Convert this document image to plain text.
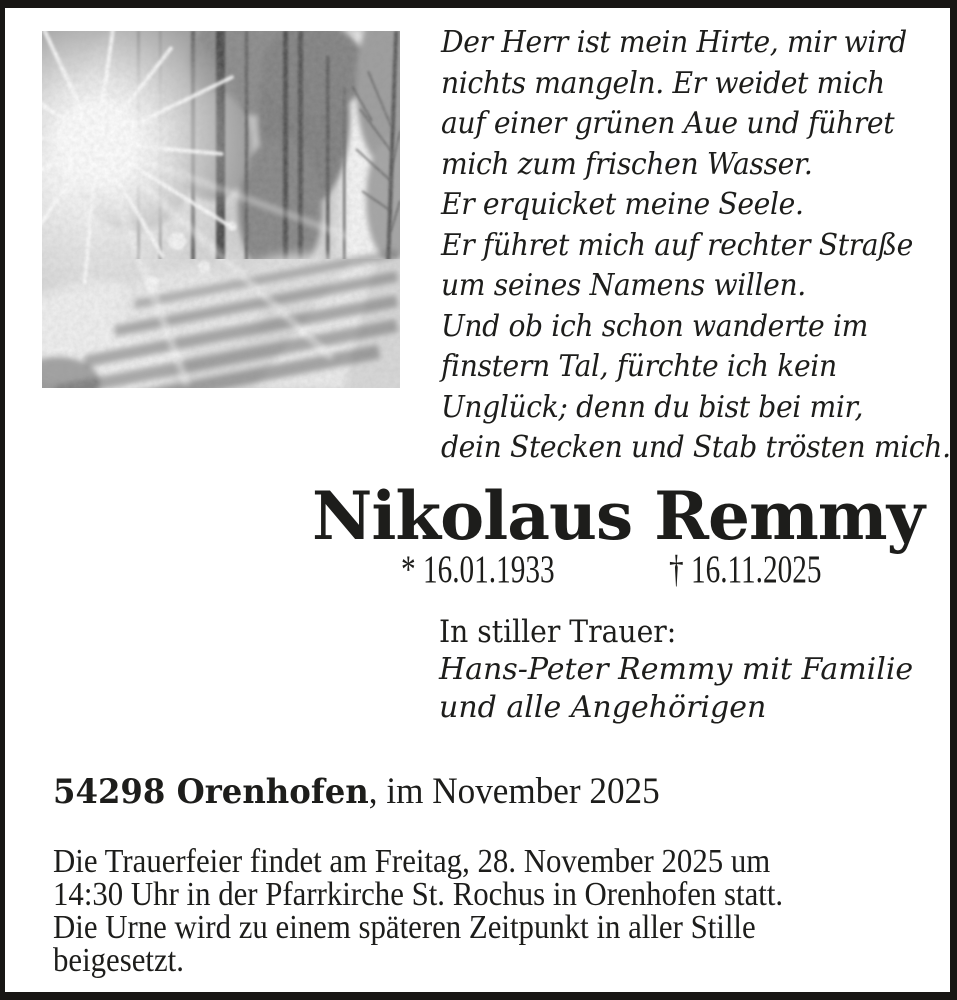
Der Herr ist mein Hirte, mir wird
nichts mangeln. Er weidet mich
auf einer grünen Aue und führet
mich zum frischen Wasser.
Er erquicket meine Seele.
Er führet mich auf rechter Straße
um seines Namens willen.
Und ob ich schon wanderte im
finstern Tal, fürchte ich kein
Unglück; denn du bist bei mir,
dein Stecken und Stab trösten mich.
Nikolaus Remmy
* 16.01.1933	† 16.11.2025
In stiller Trauer:
Hans-Peter Remmy mit Familie
und alle Angehörigen
54298 Orenhofen, im November 2025
Die Trauerfeier findet am Freitag, 28. November 2025 um
14:30 Uhr in der Pfarrkirche St. Rochus in Orenhofen statt.
Die Urne wird zu einem späteren Zeitpunkt in aller Stille
beigesetzt.
